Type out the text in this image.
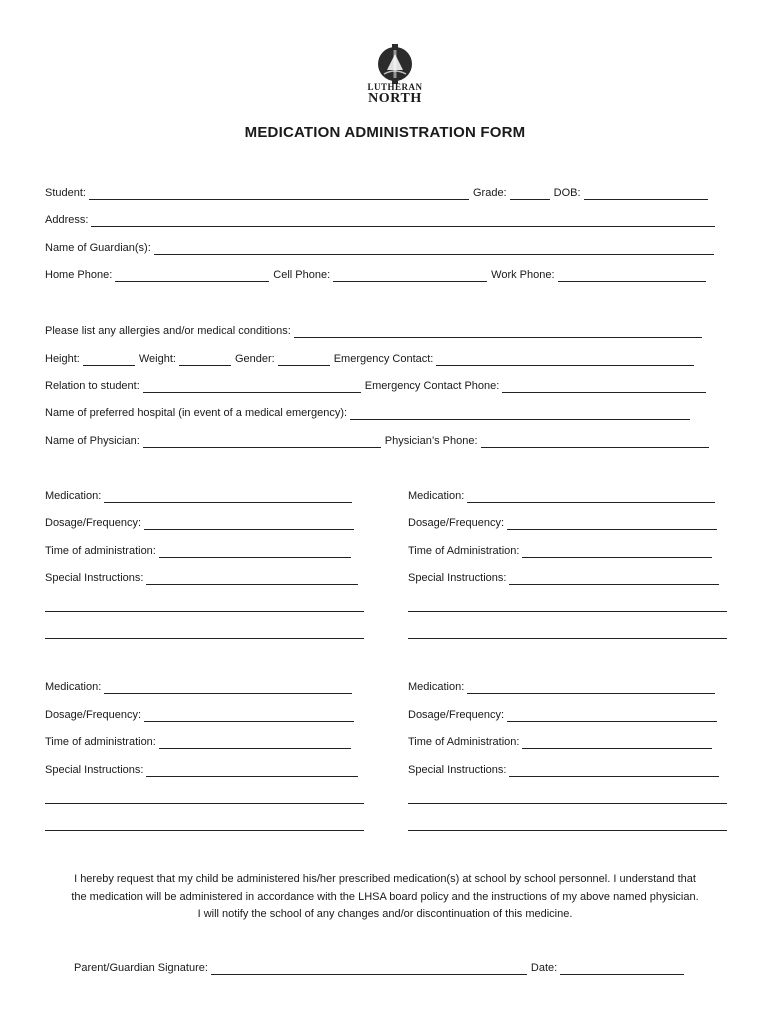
LUTHERAN
NORTH
MEDICATION ADMINISTRATION FORM
Student:	Grade:	DOB:
Address:
Name of Guardian(s):
Home Phone:	Cell Phone:	Work Phone:
Please list any allergies and/or medical conditions:
Height:	Weight:	Gender:	Emergency Contact:
Relation to student:	Emergency Contact Phone:
Name of preferred hospital (in event of a medical emergency):
Name of Physician:	Physician’s Phone:
Medication:
Dosage/Frequency:
Time of administration:
Special Instructions:
Medication:
Dosage/Frequency:
Time of Administration:
Special Instructions:
Medication:
Dosage/Frequency:
Time of administration:
Special Instructions:
Medication:
Dosage/Frequency:
Time of Administration:
Special Instructions:
I hereby request that my child be administered his/her prescribed medication(s) at school by school personnel. I understand that
the medication will be administered in accordance with the LHSA board policy and the instructions of my above named physician.
I will notify the school of any changes and/or discontinuation of this medicine.
Parent/Guardian Signature:	Date:
